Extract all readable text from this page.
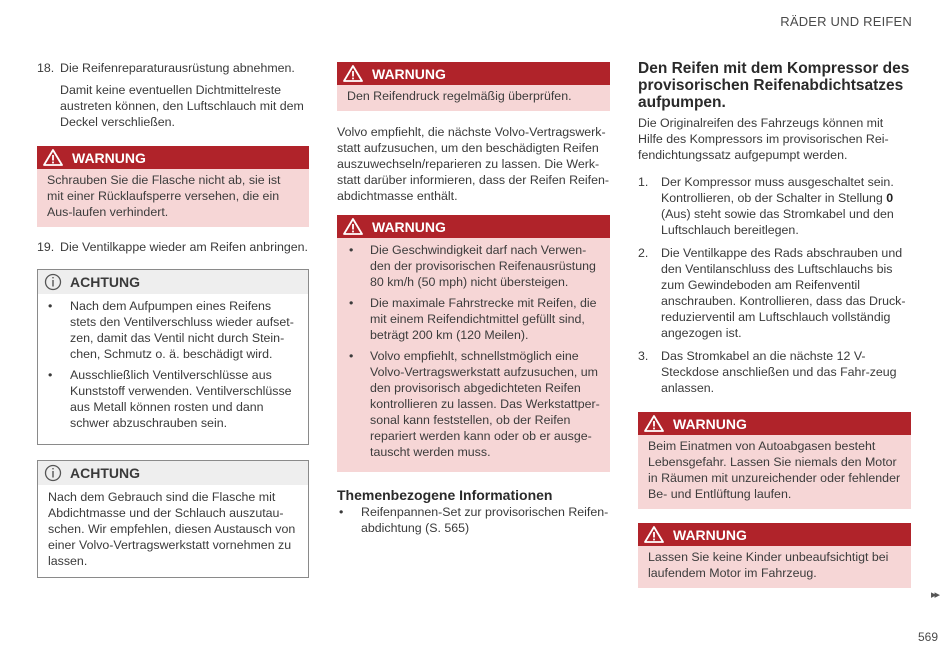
RÄDER UND REIFEN
18. Die Reifenreparaturausrüstung abnehmen.

Damit keine eventuellen Dichtmittelreste austreten können, den Luftschlauch mit dem Deckel verschließen.

WARNUNG
Schrauben Sie die Flasche nicht ab, sie ist mit einer Rücklaufsperre versehen, die ein Aus-laufen verhindert.
19. Die Ventilkappe wieder am Reifen anbringen.
ACHTUNG
• Nach dem Aufpumpen eines Reifens stets den Ventilverschluss wieder aufset-zen, damit das Ventil nicht durch Stein-chen, Schmutz o. ä. beschädigt wird.
• Ausschließlich Ventilverschlüsse aus Kunststoff verwenden. Ventilverschlüsse aus Metall können rosten und dann schwer abzuschrauben sein.
ACHTUNG
Nach dem Gebrauch sind die Flasche mit Abdichtmasse und der Schlauch auszutau-schen. Wir empfehlen, diesen Austausch von einer Volvo-Vertragswerkstatt vornehmen zu lassen.
WARNUNG
Den Reifendruck regelmäßig überprüfen.

Volvo empfiehlt, die nächste Volvo-Vertragswerk-statt aufzusuchen, um den beschädigten Reifen auszuwechseln/reparieren zu lassen. Die Werk-statt darüber informieren, dass der Reifen Reifen-abdichtmasse enthält.

WARNUNG
• Die Geschwindigkeit darf nach Verwen-den der provisorischen Reifenausrüstung 80 km/h (50 mph) nicht übersteigen.
• Die maximale Fahrstrecke mit Reifen, die mit einem Reifendichtmittel gefüllt sind, beträgt 200 km (120 Meilen).
• Volvo empfiehlt, schnellstmöglich eine Volvo-Vertragswerkstatt aufzusuchen, um den provisorisch abgedichteten Reifen kontrollieren zu lassen. Das Werkstattper-sonal kann feststellen, ob der Reifen repariert werden kann oder ob er ausge-tauscht werden muss.
Themenbezogene Informationen
• Reifenpannen-Set zur provisorischen Reifen-abdichtung (S. 565)
Den Reifen mit dem Kompressor des provisorischen Reifenabdichtsatzes aufpumpen.

Die Originalreifen des Fahrzeugs können mit Hilfe des Kompressors im provisorischen Rei-fendichtungssatz aufgepumpt werden.

1.	Der Kompressor muss ausgeschaltet sein. Kontrollieren, ob der Schalter in Stellung 0 (Aus) steht sowie das Stromkabel und den Luftschlauch bereitlegen.
2.	Die Ventilkappe des Rads abschrauben und den Ventilanschluss des Luftschlauchs bis zum Gewindeboden am Reifenventil anschrauben. Kontrollieren, dass das Druck-reduzierventil am Luftschlauch vollständig angezogen ist.
3.	Das Stromkabel an die nächste 12 V-Steckdose anschließen und das Fahr-zeug anlassen.
WARNUNG
Beim Einatmen von Autoabgasen besteht Lebensgefahr. Lassen Sie niemals den Motor in Räumen mit unzureichender oder fehlender Be- und Entlüftung laufen.
WARNUNG
Lassen Sie keine Kinder unbeaufsichtigt bei laufendem Motor im Fahrzeug.
▸▸
569
